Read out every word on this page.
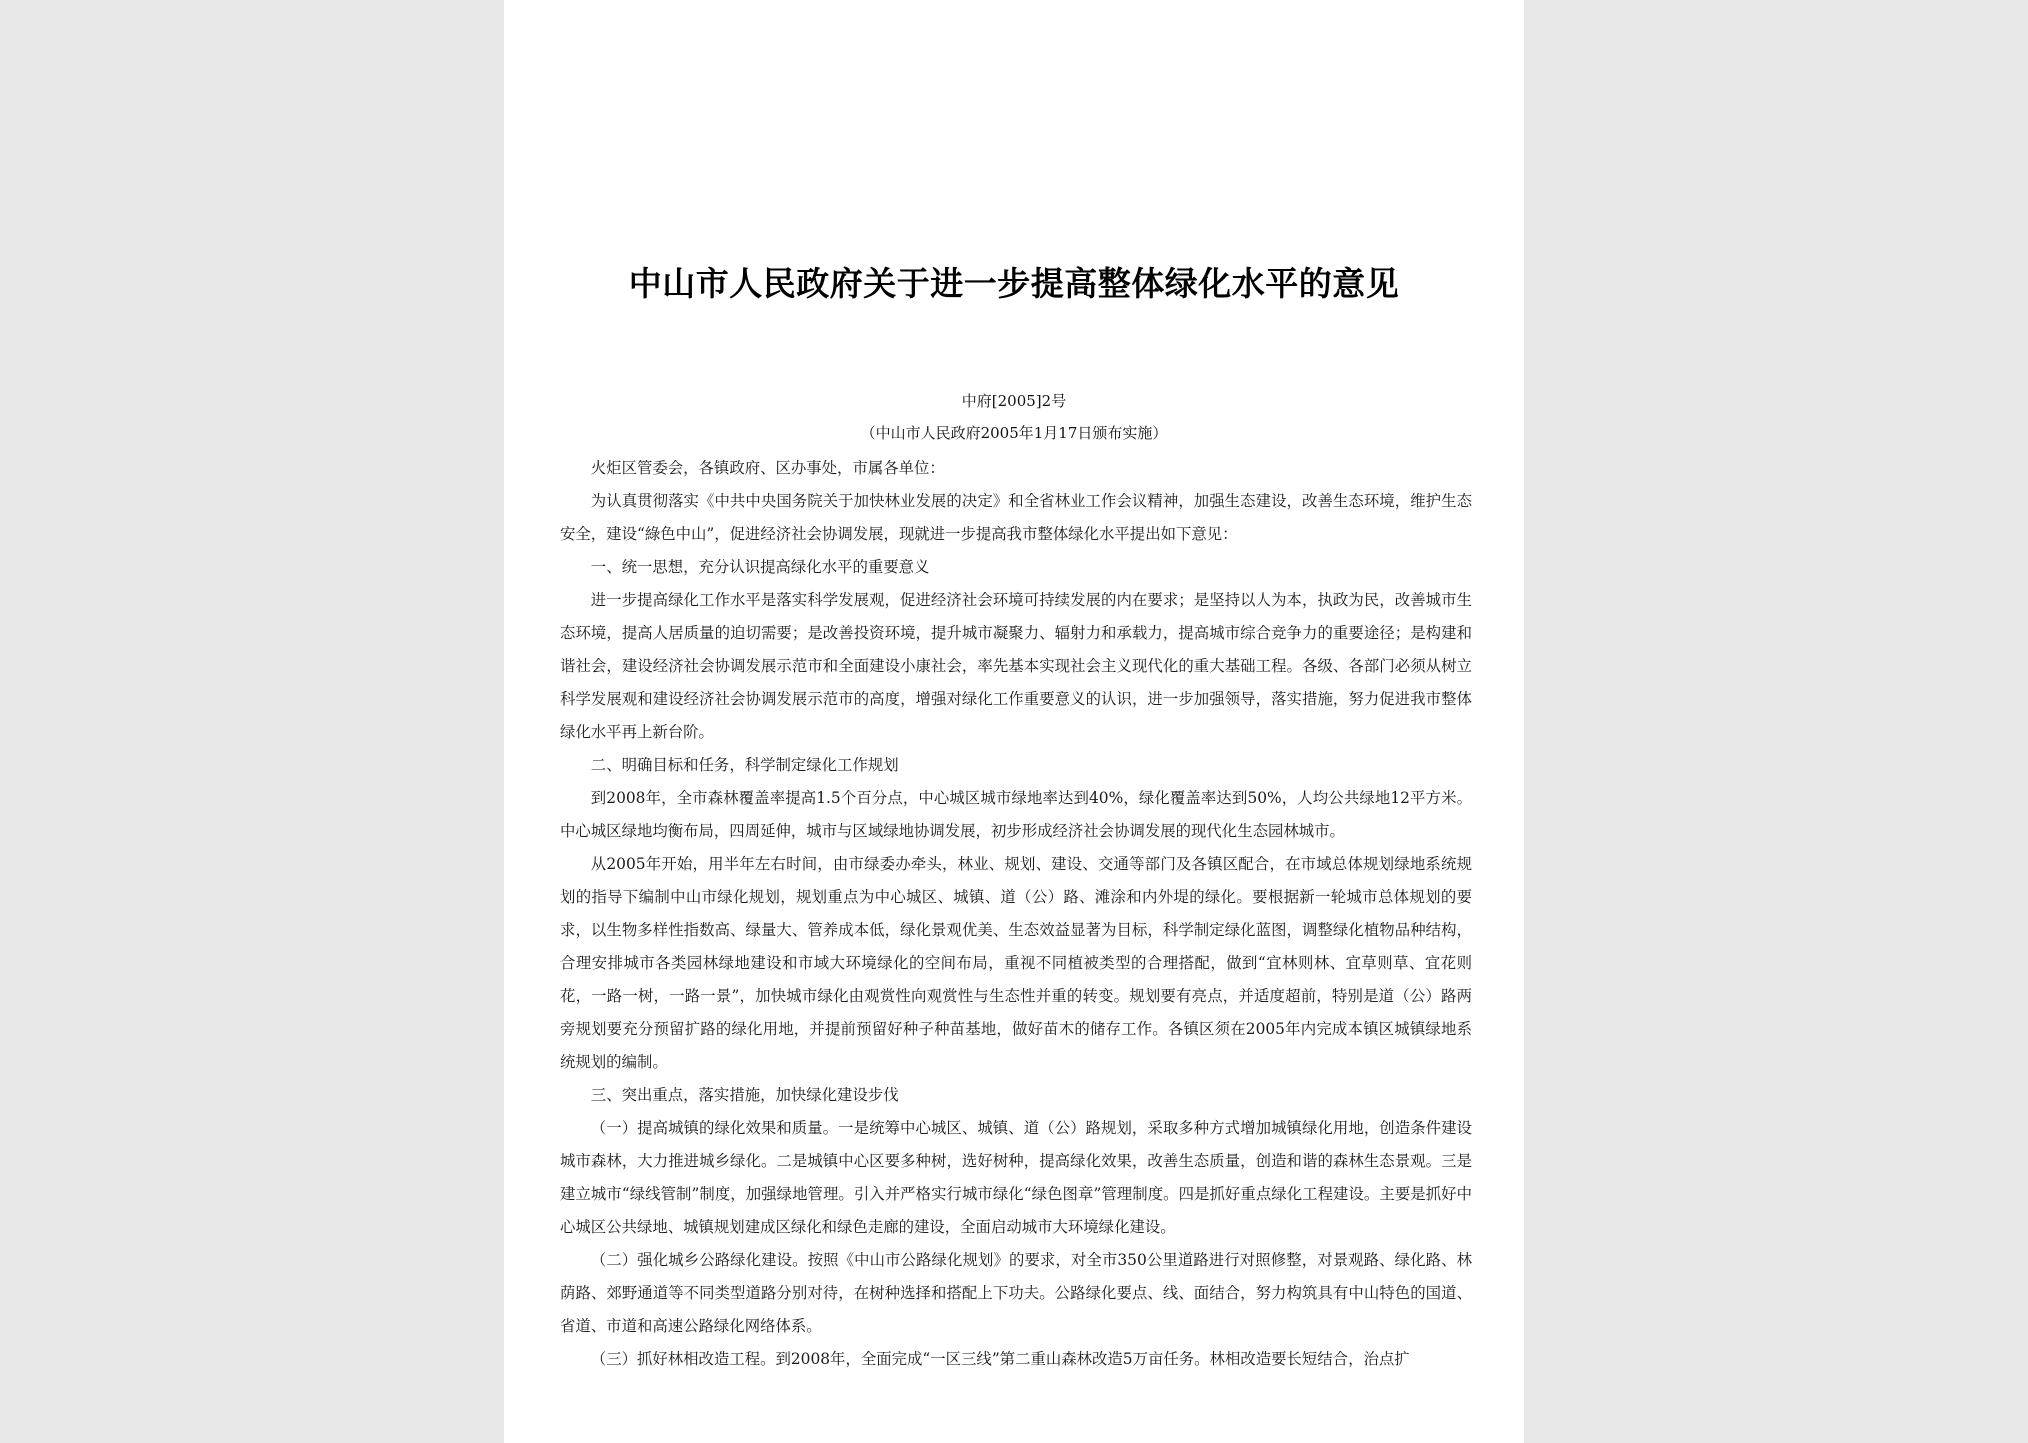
中山市人民政府关于进一步提高整体绿化水平的意见
中府[2005]2号
（中山市人民政府2005年1月17日颁布实施）

火炬区管委会，各镇政府、区办事处，市属各单位：

为认真贯彻落实《中共中央国务院关于加快林业发展的决定》和全省林业工作会议精神，加强生态建设，改善生态环境，维护生态安全，建设“綠色中山”，促进经济社会协调发展，现就进一步提高我市整体绿化水平提出如下意见：

一、统一思想，充分认识提高绿化水平的重要意义

进一步提高绿化工作水平是落实科学发展观，促进经济社会环境可持续发展的内在要求；是坚持以人为本，执政为民，改善城市生态环境，提高人居质量的迫切需要；是改善投资环境，提升城市凝聚力、辐射力和承载力，提高城市综合竞争力的重要途径；是构建和谐社会，建设经济社会协调发展示范市和全面建设小康社会，率先基本实现社会主义现代化的重大基础工程。各级、各部门必须从树立科学发展观和建设经济社会协调发展示范市的高度，增强对绿化工作重要意义的认识，进一步加强领导，落实措施，努力促进我市整体绿化水平再上新台阶。

二、明确目标和任务，科学制定绿化工作规划

到2008年，全市森林覆盖率提高1.5个百分点，中心城区城市绿地率达到40%，绿化覆盖率达到50%，人均公共绿地12平方米。中心城区绿地均衡布局，四周延伸，城市与区域绿地协调发展，初步形成经济社会协调发展的现代化生态园林城市。

从2005年开始，用半年左右时间，由市绿委办牵头，林业、规划、建设、交通等部门及各镇区配合，在市域总体规划绿地系统规划的指导下编制中山市绿化规划，规划重点为中心城区、城镇、道（公）路、滩涂和内外堤的绿化。要根据新一轮城市总体规划的要求，以生物多样性指数高、绿量大、管养成本低，绿化景观优美、生态效益显著为目标，科学制定绿化蓝图，调整绿化植物品种结构，合理安排城市各类园林绿地建设和市域大环境绿化的空间布局，重视不同植被类型的合理搭配，做到“宜林则林、宜草则草、宜花则花，一路一树，一路一景”，加快城市绿化由观赏性向观赏性与生态性并重的转变。规划要有亮点，并适度超前，特别是道（公）路两旁规划要充分预留扩路的绿化用地，并提前预留好种子种苗基地，做好苗木的储存工作。各镇区须在2005年内完成本镇区城镇绿地系统规划的编制。

三、突出重点，落实措施，加快绿化建设步伐

（一）提高城镇的绿化效果和质量。一是统筹中心城区、城镇、道（公）路规划，采取多种方式增加城镇绿化用地，创造条件建设城市森林，大力推进城乡绿化。二是城镇中心区要多种树，选好树种，提高绿化效果，改善生态质量，创造和谐的森林生态景观。三是建立城市“绿线管制”制度，加强绿地管理。引入并严格实行城市绿化“绿色图章”管理制度。四是抓好重点绿化工程建设。主要是抓好中心城区公共绿地、城镇规划建成区绿化和绿色走廊的建设，全面启动城市大环境绿化建设。

（二）强化城乡公路绿化建设。按照《中山市公路绿化规划》的要求，对全市350公里道路进行对照修整，对景观路、绿化路、林荫路、郊野通道等不同类型道路分别对待，在树种选择和搭配上下功夫。公路绿化要点、线、面结合，努力构筑具有中山特色的国道、省道、市道和高速公路绿化网络体系。

（三）抓好林相改造工程。到2008年，全面完成“一区三线”第二重山森林改造5万亩任务。林相改造要长短结合，治点扩
